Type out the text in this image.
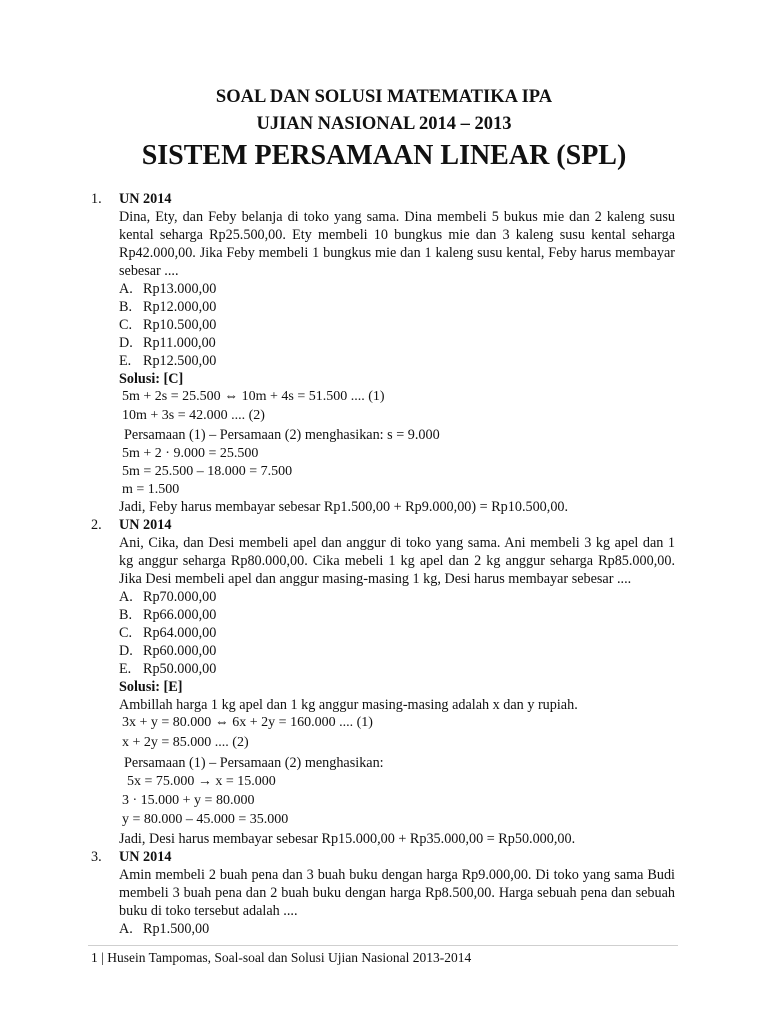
SOAL DAN SOLUSI MATEMATIKA IPA
UJIAN NASIONAL 2014 – 2013
SISTEM PERSAMAAN LINEAR (SPL)
1. UN 2014
Dina, Ety, dan Feby belanja di toko yang sama. Dina membeli 5 bukus mie dan 2 kaleng susu
kental seharga Rp25.500,00. Ety membeli 10 bungkus mie dan 3 kaleng susu kental seharga
Rp42.000,00. Jika Feby membeli 1 bungkus mie dan 1 kaleng susu kental, Feby harus membayar
sebesar ....
A. Rp13.000,00
B. Rp12.000,00
C. Rp10.500,00
D. Rp11.000,00
E. Rp12.500,00
Solusi: [C]
5m + 2s = 25.500 ⇔ 10m + 4s = 51.500 .... (1)
10m + 3s = 42.000 .... (2)
Persamaan (1) – Persamaan (2) menghasikan: s = 9.000
5m + 2 · 9.000 = 25.500
5m = 25.500 – 18.000 = 7.500
m = 1.500
Jadi, Feby harus membayar sebesar Rp1.500,00 + Rp9.000,00) = Rp10.500,00.
2. UN 2014
Ani, Cika, dan Desi membeli apel dan anggur di toko yang sama. Ani membeli 3 kg apel dan 1
kg anggur seharga Rp80.000,00. Cika mebeli 1 kg apel dan 2 kg anggur seharga Rp85.000,00.
Jika Desi membeli apel dan anggur masing-masing 1 kg, Desi harus membayar sebesar ....
A. Rp70.000,00
B. Rp66.000,00
C. Rp64.000,00
D. Rp60.000,00
E. Rp50.000,00
Solusi: [E]
Ambillah harga 1 kg apel dan 1 kg anggur masing-masing adalah x dan y rupiah.
3x + y = 80.000 ⇔ 6x + 2y = 160.000 .... (1)
x + 2y = 85.000 .... (2)
Persamaan (1) – Persamaan (2) menghasikan:
5x = 75.000 → x = 15.000
3 · 15.000 + y = 80.000
y = 80.000 – 45.000 = 35.000
Jadi, Desi harus membayar sebesar Rp15.000,00 + Rp35.000,00 = Rp50.000,00.
3. UN 2014
Amin membeli 2 buah pena dan 3 buah buku dengan harga Rp9.000,00. Di toko yang sama Budi
membeli 3 buah pena dan 2 buah buku dengan harga Rp8.500,00. Harga sebuah pena dan sebuah
buku di toko tersebut adalah ....
A. Rp1.500,00
1 | Husein Tampomas, Soal-soal dan Solusi Ujian Nasional 2013-2014
